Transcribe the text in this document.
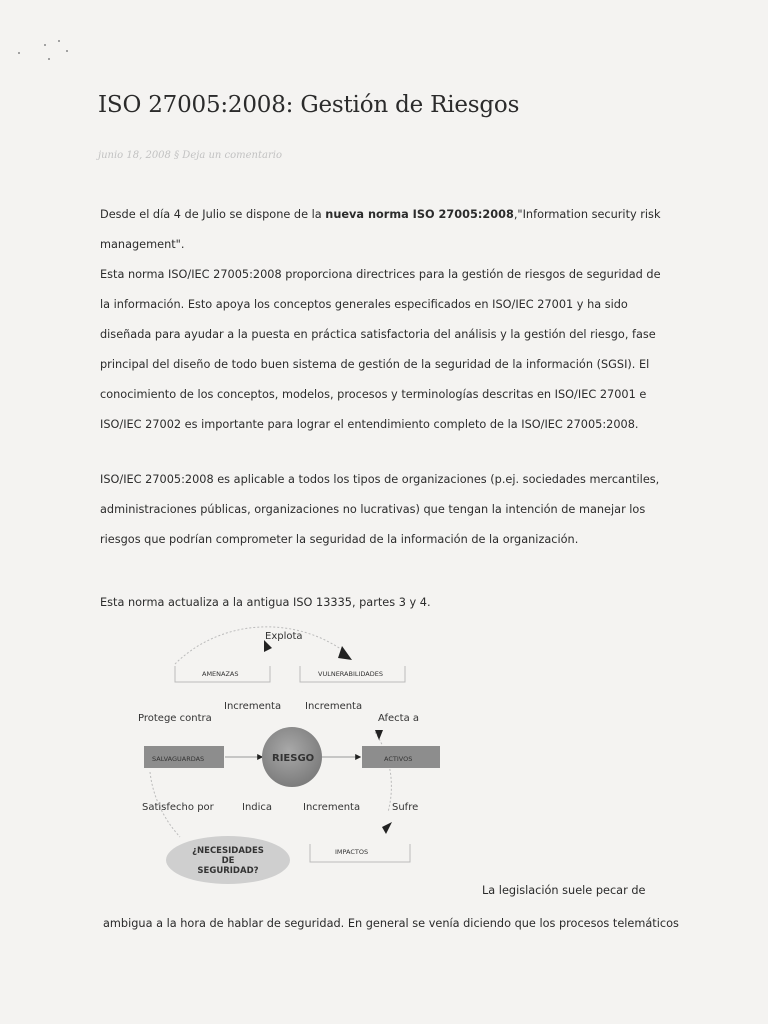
ISO 27005:2008: Gestión de Riesgos
junio 18, 2008 § Deja un comentario
Desde el día 4 de Julio se dispone de la nueva norma ISO 27005:2008,"Information security risk
management".
Esta norma ISO/IEC 27005:2008 proporciona directrices para la gestión de riesgos de seguridad de
la información. Esto apoya los conceptos generales especificados en ISO/IEC 27001 y ha sido
diseñada para ayudar a la puesta en práctica satisfactoria del análisis y la gestión del riesgo, fase
principal del diseño de todo buen sistema de gestión de la seguridad de la información (SGSI). El
conocimiento de los conceptos, modelos, procesos y terminologías descritas en ISO/IEC 27001 e
ISO/IEC 27002 es importante para lograr el entendimiento completo de la ISO/IEC 27005:2008.
ISO/IEC 27005:2008 es aplicable a todos los tipos de organizaciones (p.ej. sociedades mercantiles,
administraciones públicas, organizaciones no lucrativas) que tengan la intención de manejar los
riesgos que podrían comprometer la seguridad de la información de la organización.
Esta norma actualiza a la antigua ISO 13335, partes 3 y 4.
Explota
AMENAZAS	VULNERABILIDADES
Incrementa Incrementa
Protege contra	Afecta a
SALVAGUARDAS	RIESGO	ACTIVOS
Satisfecho por	Indica	Incrementa	Sufre
¿NECESIDADES
DE
SEGURIDAD?
IMPACTOS
La legislación suele pecar de
ambigua a la hora de hablar de seguridad. En general se venía diciendo que los procesos telemáticos
